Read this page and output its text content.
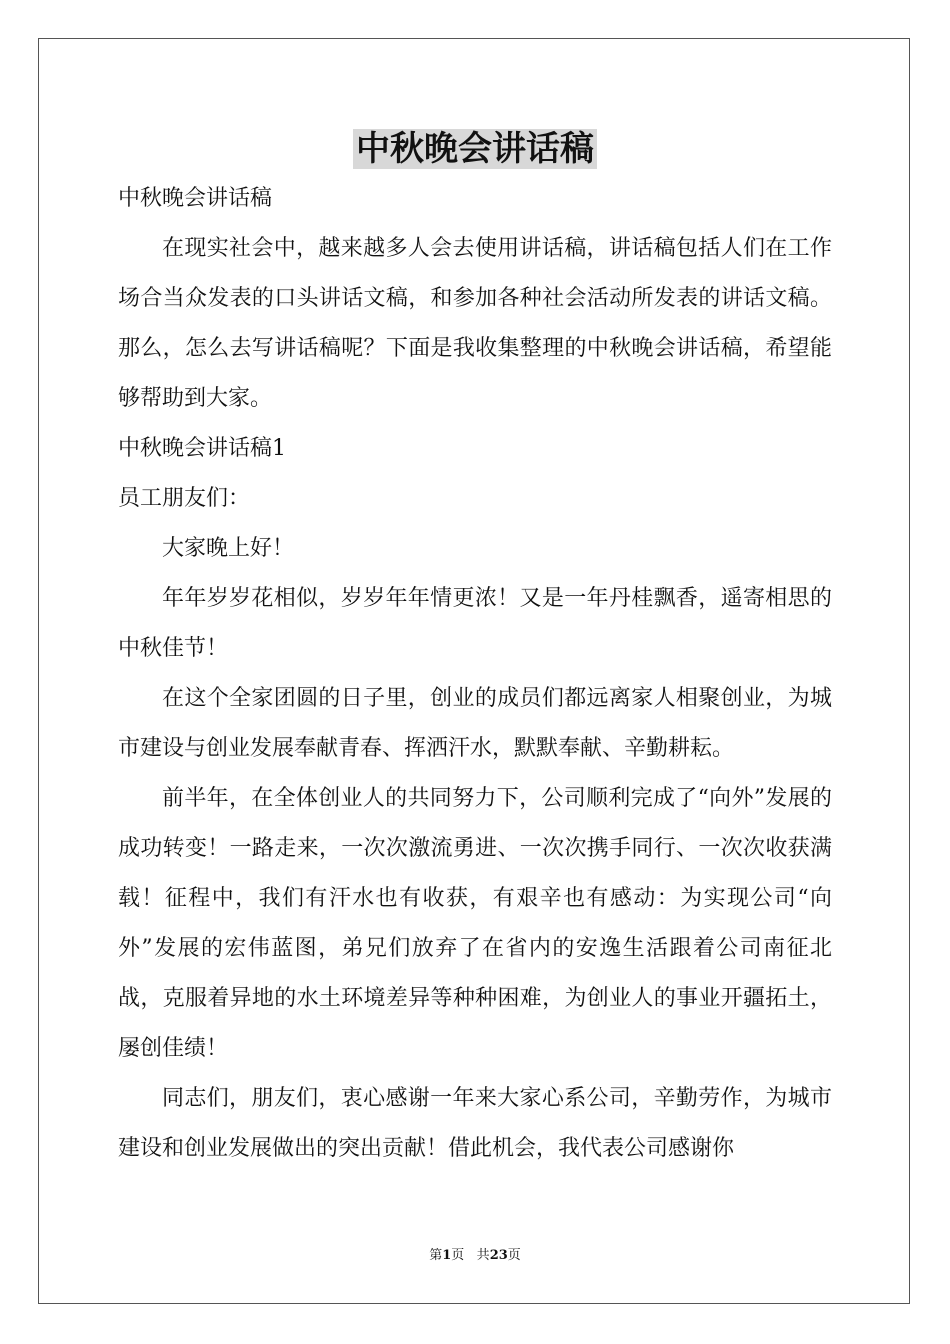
中秋晚会讲话稿

中秋晚会讲话稿

在现实社会中，越来越多人会去使用讲话稿，讲话稿包括人们在工作场合当众发表的口头讲话文稿，和参加各种社会活动所发表的讲话文稿。那么，怎么去写讲话稿呢？下面是我收集整理的中秋晚会讲话稿，希望能够帮助到大家。

中秋晚会讲话稿1

员工朋友们：

大家晚上好！

年年岁岁花相似，岁岁年年情更浓！又是一年丹桂飘香，遥寄相思的中秋佳节！

在这个全家团圆的日子里，创业的成员们都远离家人相聚创业，为城市建设与创业发展奉献青春、挥洒汗水，默默奉献、辛勤耕耘。

前半年，在全体创业人的共同努力下，公司顺利完成了“向外”发展的成功转变！一路走来，一次次激流勇进、一次次携手同行、一次次收获满载！征程中，我们有汗水也有收获，有艰辛也有感动：为实现公司“向外”发展的宏伟蓝图，弟兄们放弃了在省内的安逸生活跟着公司南征北战，克服着异地的水土环境差异等种种困难，为创业人的事业开疆拓土，屡创佳绩！

同志们，朋友们，衷心感谢一年来大家心系公司，辛勤劳作，为城市建设和创业发展做出的突出贡献！借此机会，我代表公司感谢你

第1页 共23页
